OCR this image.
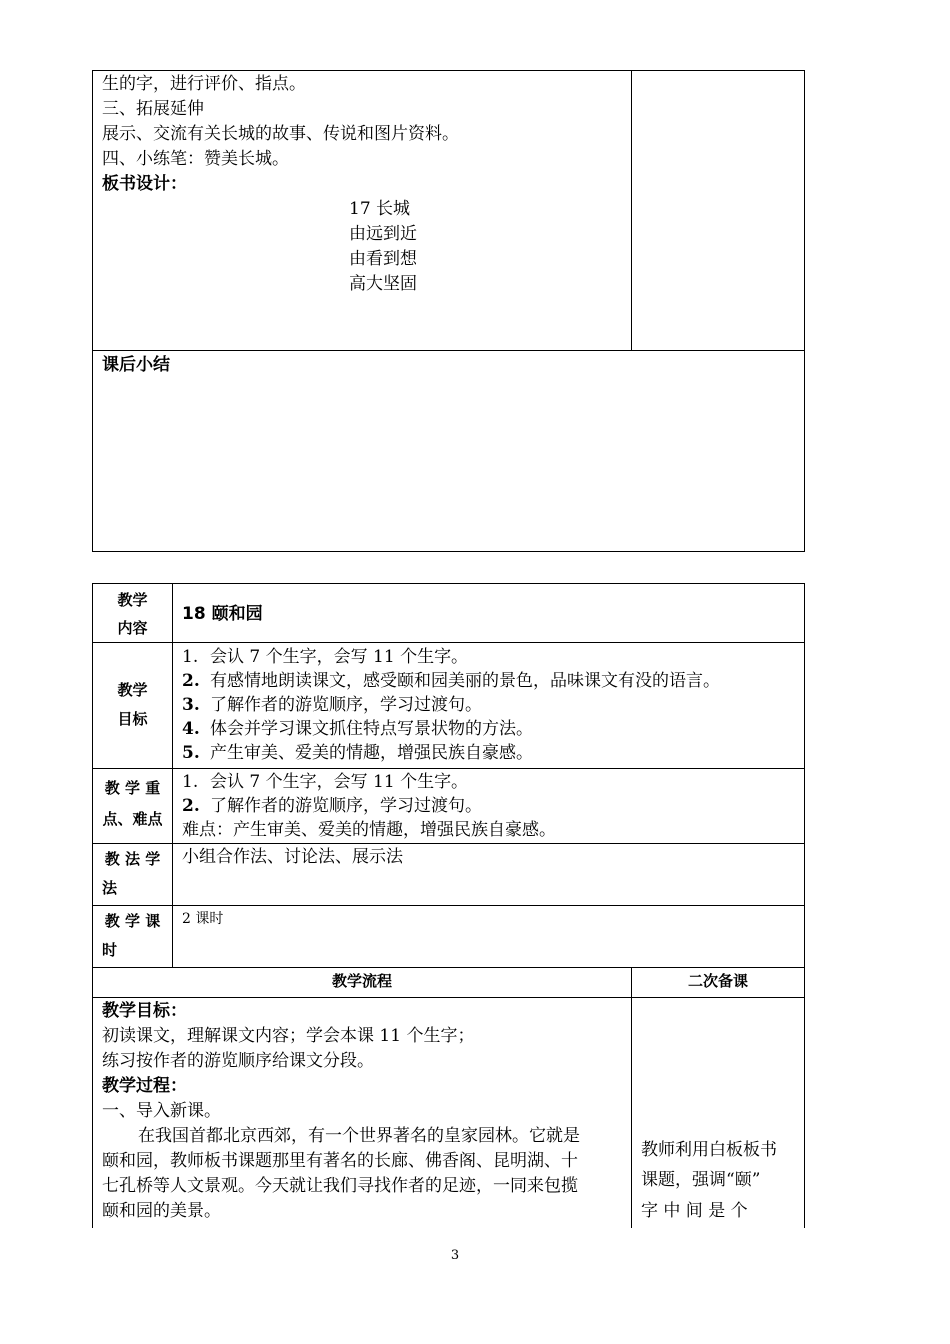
生的字，进行评价、指点。
三、拓展延伸
展示、交流有关长城的故事、传说和图片资料。
四、小练笔：赞美长城。
板书设计：
17 长城
由远到近
由看到想
高大坚固
课后小结
教学
内容
18 颐和园
教学
目标
1. 会认 7 个生字，会写 11 个生字。
2. 有感情地朗读课文，感受颐和园美丽的景色，品味课文有没的语言。
3. 了解作者的游览顺序，学习过渡句。
4. 体会并学习课文抓住特点写景状物的方法。
5. 产生审美、爱美的情趣，增强民族自豪感。
教 学 重
点、难点
1. 会认 7 个生字，会写 11 个生字。
2. 了解作者的游览顺序，学习过渡句。
难点：产生审美、爱美的情趣，增强民族自豪感。
教 法 学
法
小组合作法、讨论法、展示法
教 学 课
时
2 课时
教学流程	二次备课
教学目标：
初读课文，理解课文内容；学会本课 11 个生字；
练习按作者的游览顺序给课文分段。
教学过程：
一、导入新课。
在我国首都北京西郊，有一个世界著名的皇家园林。它就是
颐和园，教师板书课题那里有著名的长廊、佛香阁、昆明湖、十
七孔桥等人文景观。今天就让我们寻找作者的足迹，一同来包揽
颐和园的美景。
教师利用白板板书
课题，强调“颐”
字 中 间 是 个
3
